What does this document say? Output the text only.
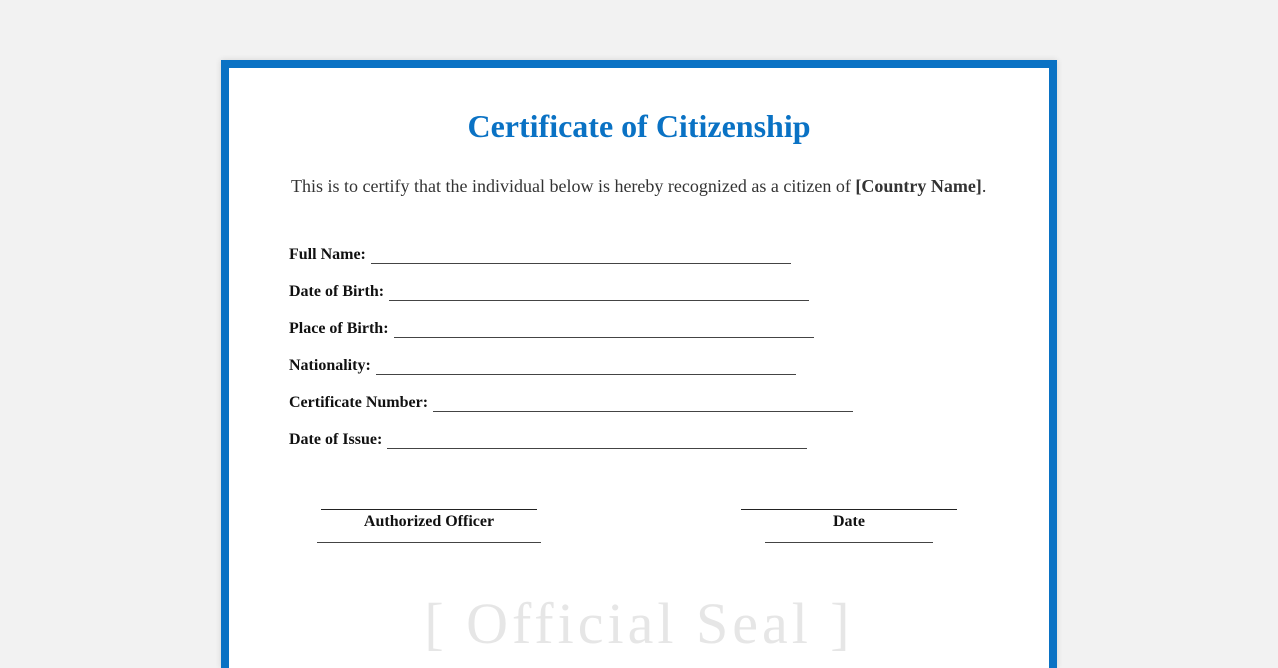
Certificate of Citizenship
This is to certify that the individual below is hereby recognized as a citizen of [Country Name].
Full Name:
Date of Birth:
Place of Birth:
Nationality:
Certificate Number:
Date of Issue:
Authorized Officer	Date
[ Official Seal ]
